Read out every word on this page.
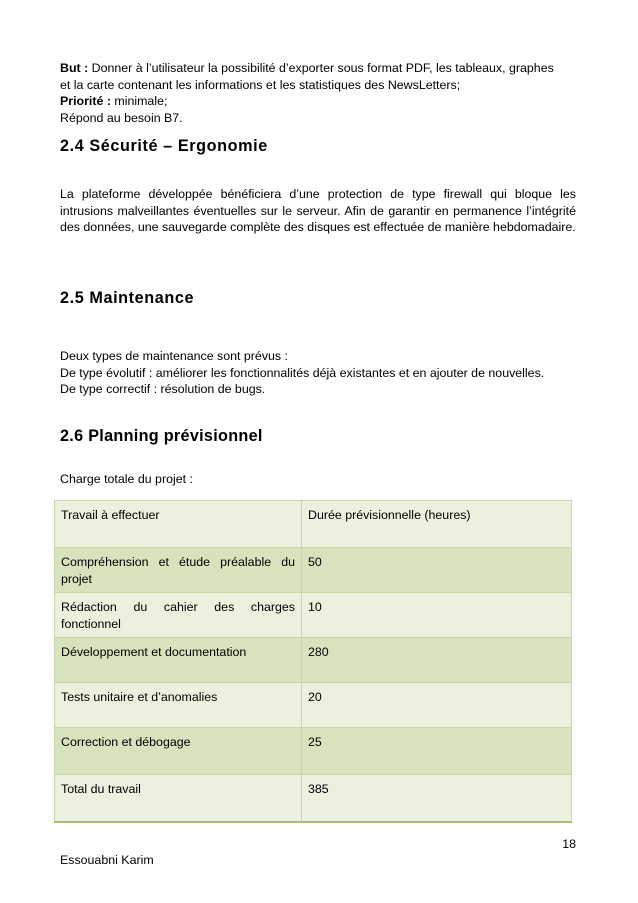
But : Donner à l’utilisateur la possibilité d’exporter sous format PDF, les tableaux, graphes
et la carte contenant les informations et les statistiques des NewsLetters;
Priorité : minimale;
Répond au besoin B7.
2.4 Sécurité – Ergonomie

La plateforme développée bénéficiera d’une protection de type firewall qui bloque les intrusions malveillantes éventuelles sur le serveur. Afin de garantir en permanence l’intégrité des données, une sauvegarde complète des disques est effectuée de manière hebdomadaire.

2.5 Maintenance
Deux types de maintenance sont prévus :
De type évolutif : améliorer les fonctionnalités déjà existantes et en ajouter de nouvelles.
De type correctif : résolution de bugs.
2.6 Planning prévisionnel

Charge totale du projet :

Travail à effectuer	Durée prévisionnelle (heures)

Compréhension et étude préalable du
projet	50

Rédaction du cahier des charges
fonctionnel	10
Développement et documentation	280
Tests unitaire et d’anomalies	20
Correction et débogage	25
Total du travail	385
18
Essouabni Karim
